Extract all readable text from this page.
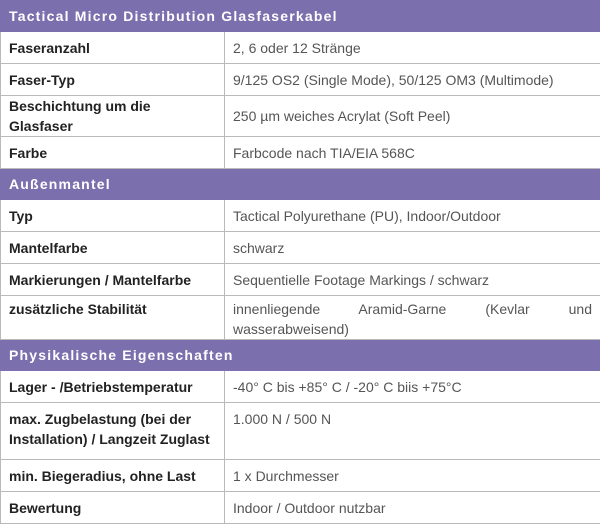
Tactical Micro Distribution Glasfaserkabel	
Faseranzahl	2, 6 oder 12 Stränge
Faser-Typ	9/125 OS2 (Single Mode), 50/125 OM3 (Multimode)
Beschichtung um die Glasfaser	250 µm weiches Acrylat (Soft Peel)
Farbe	Farbcode nach TIA/EIA 568C
Außenmantel	
Typ	Tactical Polyurethane (PU), Indoor/Outdoor
Mantelfarbe	schwarz
Markierungen / Mantelfarbe	Sequentielle Footage Markings / schwarz
zusätzliche Stabilität	innenliegende Aramid-Garne (Kevlar und wasserabweisend)
Physikalische Eigenschaften	
Lager - /Betriebstemperatur	-40° C bis +85° C / -20° C biis +75°C
max. Zugbelastung (bei der Installation) / Langzeit Zuglast	1.000 N / 500 N
min. Biegeradius, ohne Last	1 x Durchmesser
Bewertung	Indoor / Outdoor nutzbar
